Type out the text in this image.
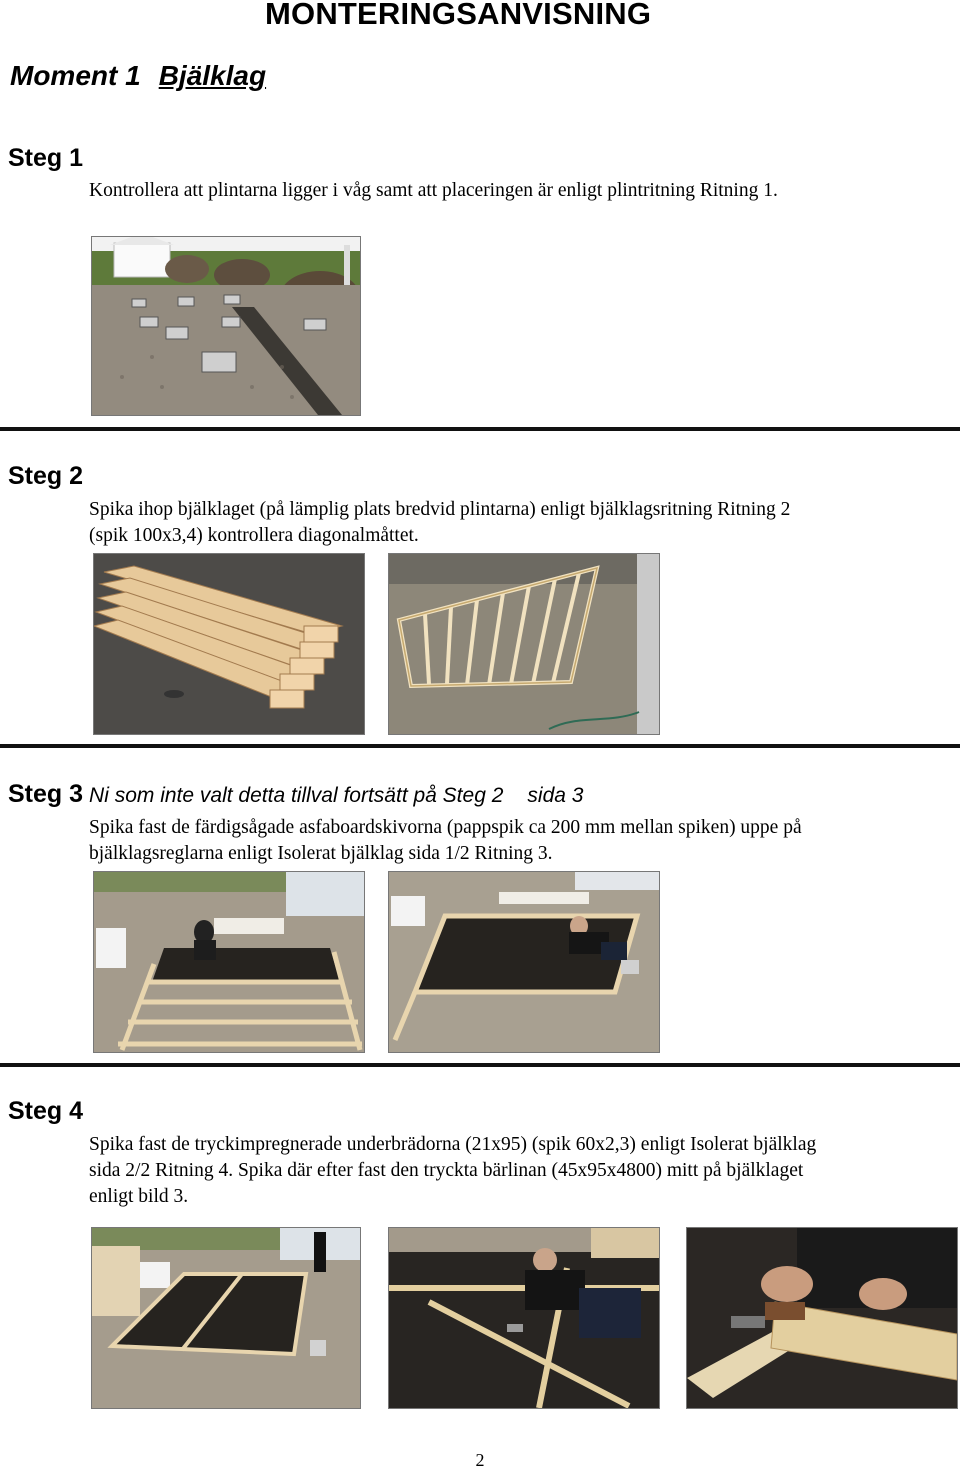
MONTERINGSANVISNING
Moment 1 Bjälklag
Steg 1
Kontrollera att plintarna ligger i våg samt att placeringen är enligt plintritning Ritning 1.
Steg 2
Spika ihop bjälklaget (på lämplig plats bredvid plintarna) enligt bjälklagsritning Ritning 2
(spik 100x3,4) kontrollera diagonalmåttet.
Steg 3 Ni som inte valt detta tillval fortsätt på Steg 2 sida 3
Spika fast de färdigsågade asfaboardskivorna (pappspik ca 200 mm mellan spiken) uppe på
bjälklagsreglarna enligt Isolerat bjälklag sida 1/2 Ritning 3.
Steg 4
Spika fast de tryckimpregnerade underbrädorna (21x95) (spik 60x2,3) enligt Isolerat bjälklag
sida 2/2 Ritning 4. Spika där efter fast den tryckta bärlinan (45x95x4800) mitt på bjälklaget
enligt bild 3.
2
